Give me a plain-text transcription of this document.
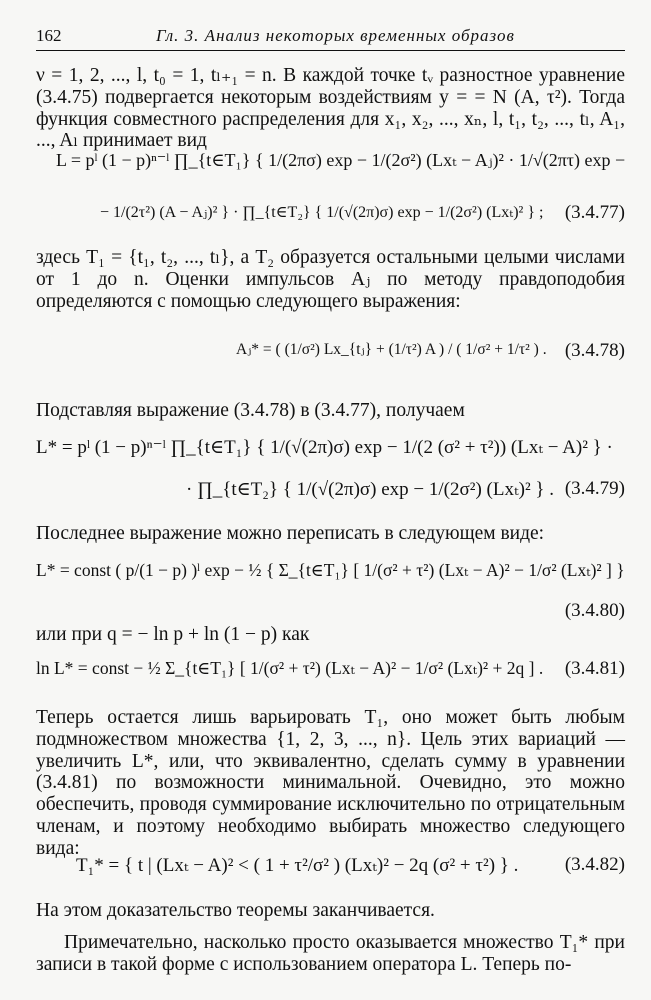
162	Гл. 3. Анализ некоторых временных образов
ν = 1, 2, ..., l, t₀ = 1, tₗ₊₁ = n. В каждой точке tᵥ разностное уравнение (3.4.75) подвергается некоторым воздействиям y = = N (A, τ²). Тогда функция совместного распределения для x₁, x₂, ..., xₙ, l, t₁, t₂, ..., tₗ, A₁, ..., Aₗ принимает вид
L = pˡ (1 − p)ⁿ⁻ˡ ∏_{t∈T₁} { 1/(2πσ) exp − 1/(2σ²) (Lxₜ − Aⱼ)² · 1/√(2πτ) exp −
− 1/(2τ²) (A − Aⱼ)² } · ∏_{t∈T₂} { 1/(√(2π)σ) exp − 1/(2σ²) (Lxₜ)² } ; (3.4.77)
здесь T₁ = {t₁, t₂, ..., tₗ}, а T₂ образуется остальными целыми числами от 1 до n. Оценки импульсов Aⱼ по методу правдоподобия определяются с помощью следующего выражения:
Aⱼ* = ( (1/σ²) Lx_{tⱼ} + (1/τ²) A ) / ( 1/σ² + 1/τ² ) . (3.4.78)
Подставляя выражение (3.4.78) в (3.4.77), получаем
L* = pˡ (1 − p)ⁿ⁻ˡ ∏_{t∈T₁} { 1/(√(2π)σ) exp − 1/(2 (σ² + τ²)) (Lxₜ − A)² } ·
· ∏_{t∈T₂} { 1/(√(2π)σ) exp − 1/(2σ²) (Lxₜ)² } . (3.4.79)
Последнее выражение можно переписать в следующем виде:
L* = const ( p/(1 − p) )ˡ exp − ½ { Σ_{t∈T₁} [ 1/(σ² + τ²) (Lxₜ − A)² − 1/σ² (Lxₜ)² ] }
(3.4.80)
или при q = − ln p + ln (1 − p) как
ln L* = const − ½ Σ_{t∈T₁} [ 1/(σ² + τ²) (Lxₜ − A)² − 1/σ² (Lxₜ)² + 2q ] . (3.4.81)
Теперь остается лишь варьировать T₁, оно может быть любым подмножеством множества {1, 2, 3, ..., n}. Цель этих вариаций — увеличить L*, или, что эквивалентно, сделать сумму в уравнении (3.4.81) по возможности минимальной. Очевидно, это можно обеспечить, проводя суммирование исключительно по отрицательным членам, и поэтому необходимо выбирать множество следующего вида:
T₁* = { t | (Lxₜ − A)² < ( 1 + τ²/σ² ) (Lxₜ)² − 2q (σ² + τ²) } . (3.4.82)
На этом доказательство теоремы заканчивается.
Примечательно, насколько просто оказывается множество T₁* при записи в такой форме с использованием оператора L. Теперь по-
